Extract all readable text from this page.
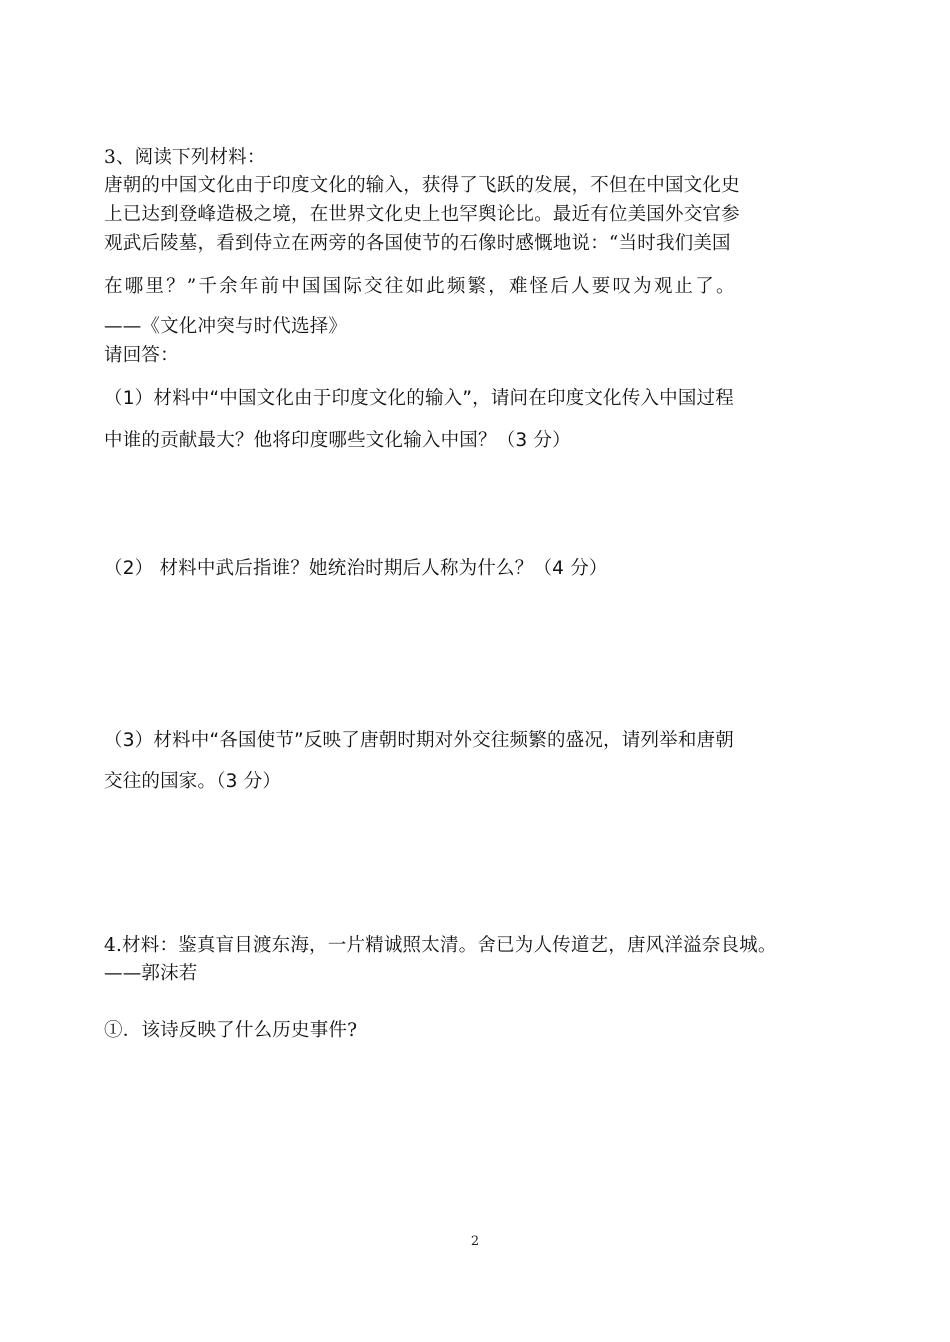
3、阅读下列材料：
唐朝的中国文化由于印度文化的输入，获得了飞跃的发展，不但在中国文化史
上已达到登峰造极之境，在世界文化史上也罕舆论比。最近有位美国外交官参
观武后陵墓，看到侍立在两旁的各国使节的石像时感慨地说：“当时我们美国
在哪里？”千余年前中国国际交往如此频繁，难怪后人要叹为观止了。
——《文化冲突与时代选择》
请回答：
（1）材料中“中国文化由于印度文化的输入”，请问在印度文化传入中国过程
中谁的贡献最大？他将印度哪些文化输入中国？（3 分）
（2） 材料中武后指谁？她统治时期后人称为什么？（4 分）
（3）材料中“各国使节”反映了唐朝时期对外交往频繁的盛况，请列举和唐朝
交往的国家。（3 分）
4.材料：鉴真盲目渡东海，一片精诚照太清。舍已为人传道艺，唐风洋溢奈良城。
——郭沫若
①．该诗反映了什么历史事件?
2
